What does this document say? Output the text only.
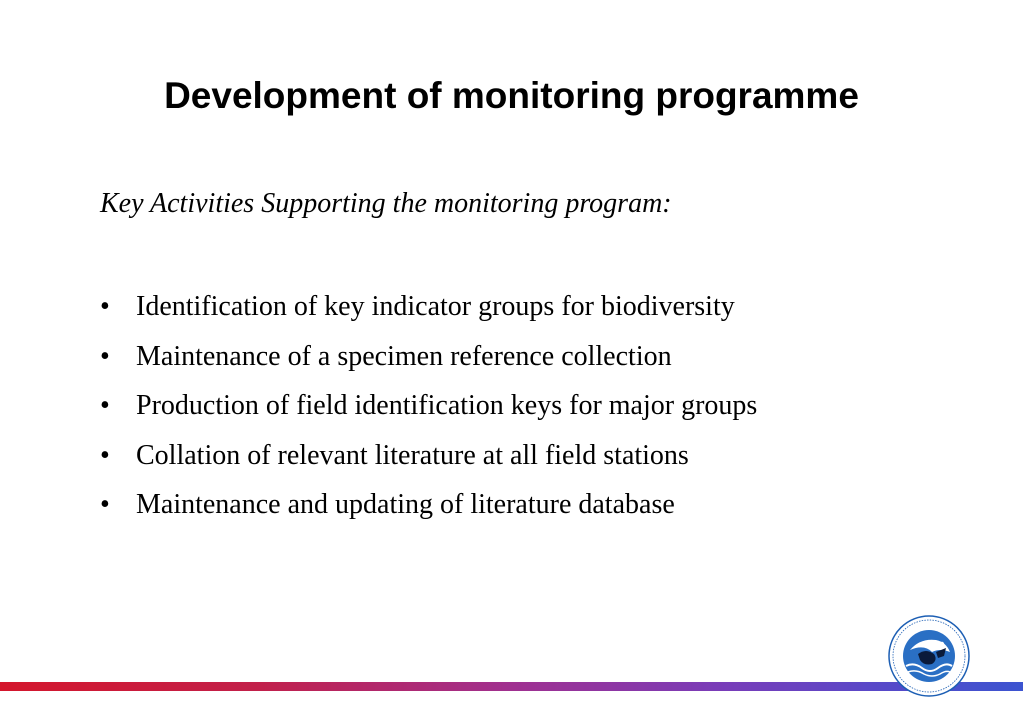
Development of monitoring programme

Key Activities Supporting the monitoring program:

• Identification of key indicator groups for biodiversity
• Maintenance of a specimen reference collection
• Production of field identification keys for major groups
• Collation of relevant literature at all field stations
• Maintenance and updating of literature database
